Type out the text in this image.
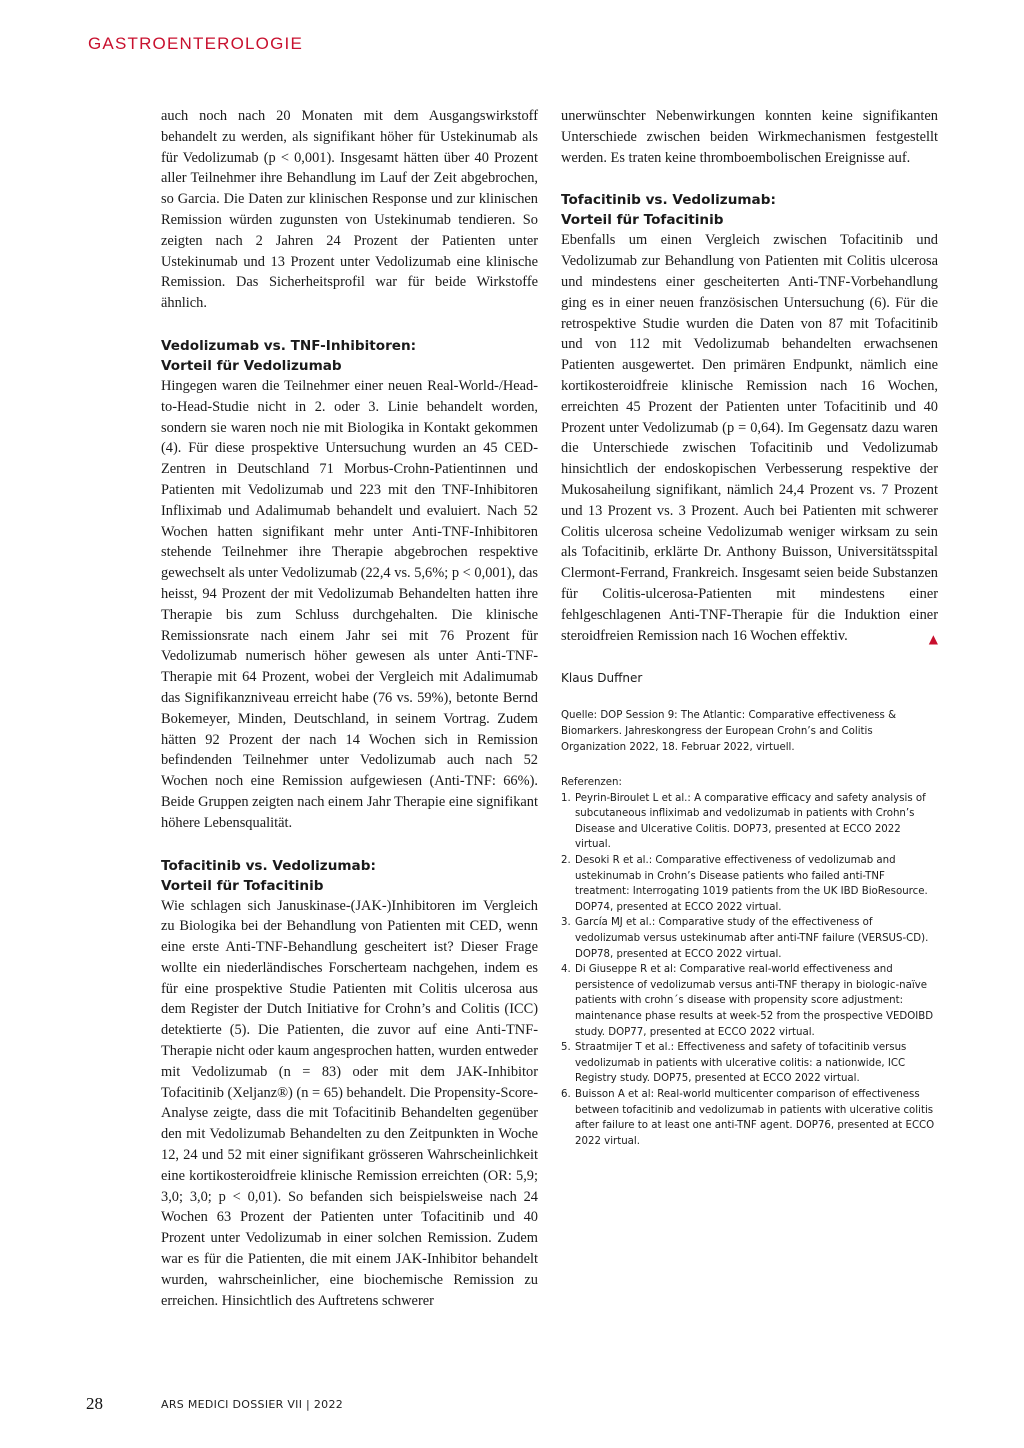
GASTROENTEROLOGIE

auch noch nach 20 Monaten mit dem Ausgangswirkstoff behandelt zu werden, als signifikant höher für Ustekinumab als für Vedolizumab (p < 0,001). Insgesamt hätten über 40 Prozent aller Teilnehmer ihre Behandlung im Lauf der Zeit abgebrochen, so Garcia. Die Daten zur klinischen Response und zur klinischen Remission würden zugunsten von Ustekinumab tendieren. So zeigten nach 2 Jahren 24 Prozent der Patienten unter Ustekinumab und 13 Prozent unter Vedolizumab eine klinische Remission. Das Sicherheitsprofil war für beide Wirkstoffe ähnlich.

Vedolizumab vs. TNF-Inhibitoren:
Vorteil für Vedolizumab

Hingegen waren die Teilnehmer einer neuen Real-World-/Head-to-Head-Studie nicht in 2. oder 3. Linie behandelt worden, sondern sie waren noch nie mit Biologika in Kontakt gekommen (4). Für diese prospektive Untersuchung wurden an 45 CED-Zentren in Deutschland 71 Morbus-Crohn-Patientinnen und Patienten mit Vedolizumab und 223 mit den TNF-Inhibitoren Infliximab und Adalimumab behandelt und evaluiert. Nach 52 Wochen hatten signifikant mehr unter Anti-TNF-Inhibitoren stehende Teilnehmer ihre Therapie abgebrochen respektive gewechselt als unter Vedolizumab (22,4 vs. 5,6%; p < 0,001), das heisst, 94 Prozent der mit Vedolizumab Behandelten hatten ihre Therapie bis zum Schluss durchgehalten. Die klinische Remissionsrate nach einem Jahr sei mit 76 Prozent für Vedolizumab numerisch höher gewesen als unter Anti-TNF-Therapie mit 64 Prozent, wobei der Vergleich mit Adalimumab das Signifikanzniveau erreicht habe (76 vs. 59%), betonte Bernd Bokemeyer, Minden, Deutschland, in seinem Vortrag. Zudem hätten 92 Prozent der nach 14 Wochen sich in Remission befindenden Teilnehmer unter Vedolizumab auch nach 52 Wochen noch eine Remission aufgewiesen (Anti-TNF: 66%). Beide Gruppen zeigten nach einem Jahr Therapie eine signifikant höhere Lebensqualität.

Tofacitinib vs. Vedolizumab:
Vorteil für Tofacitinib

Wie schlagen sich Januskinase-(JAK-)Inhibitoren im Vergleich zu Biologika bei der Behandlung von Patienten mit CED, wenn eine erste Anti-TNF-Behandlung gescheitert ist? Dieser Frage wollte ein niederländisches Forscherteam nachgehen, indem es für eine prospektive Studie Patienten mit Colitis ulcerosa aus dem Register der Dutch Initiative for Crohn’s and Colitis (ICC) detektierte (5). Die Patienten, die zuvor auf eine Anti-TNF-Therapie nicht oder kaum angesprochen hatten, wurden entweder mit Vedolizumab (n = 83) oder mit dem JAK-Inhibitor Tofacitinib (Xeljanz®) (n = 65) behandelt. Die Propensity-Score-Analyse zeigte, dass die mit Tofacitinib Behandelten gegenüber den mit Vedolizumab Behandelten zu den Zeitpunkten in Woche 12, 24 und 52 mit einer signifikant grösseren Wahrscheinlichkeit eine kortikosteroidfreie klinische Remission erreichten (OR: 5,9; 3,0; 3,0; p < 0,01). So befanden sich beispielsweise nach 24 Wochen 63 Prozent der Patienten unter Tofacitinib und 40 Prozent unter Vedolizumab in einer solchen Remission. Zudem war es für die Patienten, die mit einem JAK-Inhibitor behandelt wurden, wahrscheinlicher, eine biochemische Remission zu erreichen. Hinsichtlich des Auftretens schwerer

unerwünschter Nebenwirkungen konnten keine signifikanten Unterschiede zwischen beiden Wirkmechanismen festgestellt werden. Es traten keine thromboembolischen Ereignisse auf.

Tofacitinib vs. Vedolizumab:
Vorteil für Tofacitinib

Ebenfalls um einen Vergleich zwischen Tofacitinib und Vedolizumab zur Behandlung von Patienten mit Colitis ulcerosa und mindestens einer gescheiterten Anti-TNF-Vorbehandlung ging es in einer neuen französischen Untersuchung (6). Für die retrospektive Studie wurden die Daten von 87 mit Tofacitinib und von 112 mit Vedolizumab behandelten erwachsenen Patienten ausgewertet. Den primären Endpunkt, nämlich eine kortikosteroidfreie klinische Remission nach 16 Wochen, erreichten 45 Prozent der Patienten unter Tofacitinib und 40 Prozent unter Vedolizumab (p = 0,64). Im Gegensatz dazu waren die Unterschiede zwischen Tofacitinib und Vedolizumab hinsichtlich der endoskopischen Verbesserung respektive der Mukosaheilung signifikant, nämlich 24,4 Prozent vs. 7 Prozent und 13 Prozent vs. 3 Prozent. Auch bei Patienten mit schwerer Colitis ulcerosa scheine Vedolizumab weniger wirksam zu sein als Tofacitinib, erklärte Dr. Anthony Buisson, Universitätsspital Clermont-Ferrand, Frankreich. Insgesamt seien beide Substanzen für Colitis-ulcerosa-Patienten mit mindestens einer fehlgeschlagenen Anti-TNF-Therapie für die Induktion einer steroidfreien Remission nach 16 Wochen effektiv.	▲

Klaus Duffner

Quelle: DOP Session 9: The Atlantic: Comparative effectiveness & Biomarkers. Jahreskongress der European Crohn’s and Colitis Organization 2022, 18. Februar 2022, virtuell.

Referenzen:

1. Peyrin-Biroulet L et al.: A comparative efficacy and safety analysis of subcutaneous infliximab and vedolizumab in patients with Crohn’s Disease and Ulcerative Colitis. DOP73, presented at ECCO 2022 virtual.
2. Desoki R et al.: Comparative effectiveness of vedolizumab and ustekinumab in Crohn’s Disease patients who failed anti-TNF treatment: Interrogating 1019 patients from the UK IBD BioResource. DOP74, presented at ECCO 2022 virtual.
3. García MJ et al.: Comparative study of the effectiveness of vedolizumab versus ustekinumab after anti-TNF failure (VERSUS-CD). DOP78, presented at ECCO 2022 virtual.
4. Di Giuseppe R et al: Comparative real-world effectiveness and persistence of vedolizumab versus anti-TNF therapy in biologic-naïve patients with crohn´s disease with propensity score adjustment: maintenance phase results at week-52 from the prospective VEDOIBD study. DOP77, presented at ECCO 2022 virtual.
5. Straatmijer T et al.: Effectiveness and safety of tofacitinib versus vedolizumab in patients with ulcerative colitis: a nationwide, ICC Registry study. DOP75, presented at ECCO 2022 virtual.
6. Buisson A et al: Real-world multicenter comparison of effectiveness between tofacitinib and vedolizumab in patients with ulcerative colitis after failure to at least one anti-TNF agent. DOP76, presented at ECCO 2022 virtual.
28	ARS MEDICI DOSSIER VII | 2022
